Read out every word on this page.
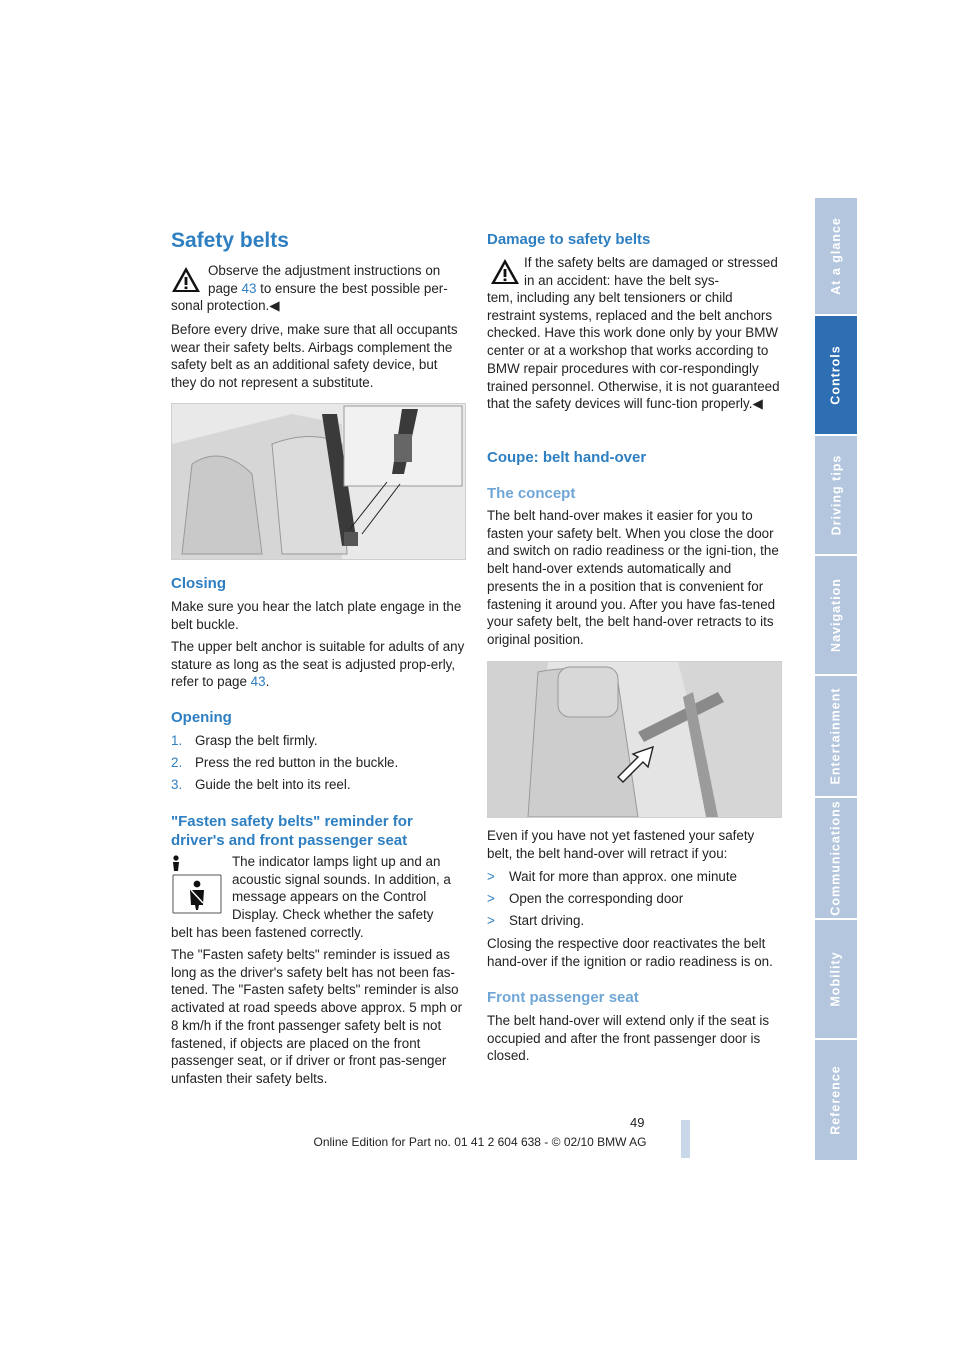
Safety belts
Observe the adjustment instructions on
page 43 to ensure the best possible per-
sonal protection.◀

Before every drive, make sure that all occupants wear their safety belts. Airbags complement the safety belt as an additional safety device, but they do not represent a substitute.

Closing

Make sure you hear the latch plate engage in the belt buckle.

The upper belt anchor is suitable for adults of any stature as long as the seat is adjusted prop-erly, refer to page 43.

Opening
1. Grasp the belt firmly.
2. Press the red button in the buckle.
3. Guide the belt into its reel.
"Fasten safety belts" reminder for
driver's and front passenger seat

The indicator lamps light up and an acoustic signal sounds. In addition, a message appears on the Control Display. Check whether the safety

belt has been fastened correctly.

The "Fasten safety belts" reminder is issued as long as the driver's safety belt has not been fas-tened. The "Fasten safety belts" reminder is also activated at road speeds above approx. 5 mph or 8 km/h if the front passenger safety belt is not fastened, if objects are placed on the front passenger seat, or if driver or front pas-senger unfasten their safety belts.

Damage to safety belts

If the safety belts are damaged or stressed in an accident: have the belt sys-

tem, including any belt tensioners or child restraint systems, replaced and the belt anchors checked. Have this work done only by your BMW center or at a workshop that works according to BMW repair procedures with cor-respondingly trained personnel. Otherwise, it is not guaranteed that the safety devices will func-tion properly.◀

Coupe: belt hand-over
The concept

The belt hand-over makes it easier for you to fasten your safety belt. When you close the door and switch on radio readiness or the igni-tion, the belt hand-over extends automatically and presents the in a position that is convenient for fastening it around you. After you have fas-tened your safety belt, the belt hand-over retracts to its original position.

Even if you have not yet fastened your safety belt, the belt hand-over will retract if you:

> Wait for more than approx. one minute
> Open the corresponding door
> Start driving.

Closing the respective door reactivates the belt hand-over if the ignition or radio readiness is on.

Front passenger seat

The belt hand-over will extend only if the seat is occupied and after the front passenger door is closed.

At a glance
Controls
Driving tips
Navigation
Entertainment
Communications
Mobility
Reference
49
Online Edition for Part no. 01 41 2 604 638 - © 02/10 BMW AG
